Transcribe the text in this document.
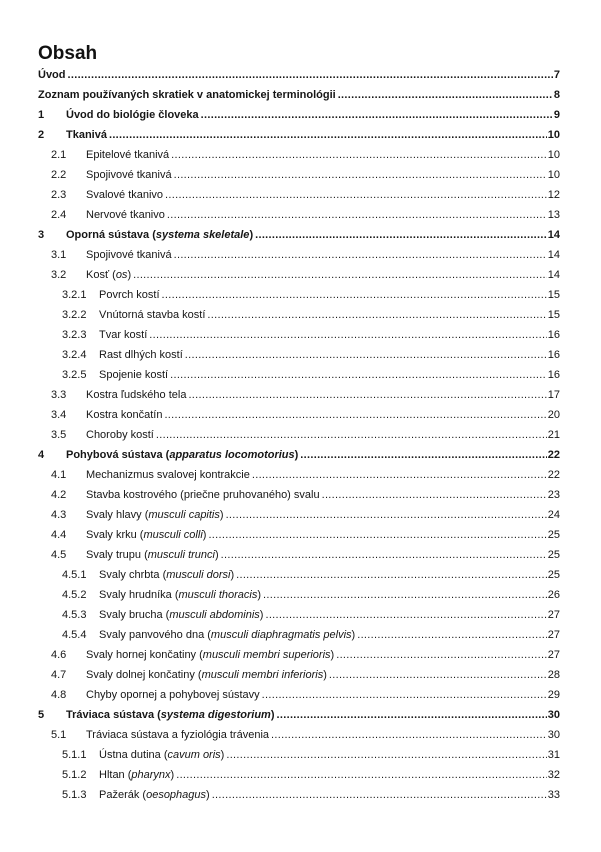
Obsah
Úvod .....	7
Zoznam používaných skratiek v anatomickej terminológii .....	8
1	Úvod do biológie človeka .....	9
2	Tkanivá .....	10
2.1	Epitelové tkanivá .....	10
2.2	Spojivové tkanivá .....	10
2.3	Svalové tkanivo .....	12
2.4	Nervové tkanivo .....	13
3	Oporná sústava (systema skeletale) .....	14
3.1	Spojivové tkanivá .....	14
3.2	Kosť (os) .....	14
3.2.1	Povrch kostí .....	15
3.2.2	Vnútorná stavba kostí .....	15
3.2.3	Tvar kostí .....	16
3.2.4	Rast dlhých kostí .....	16
3.2.5	Spojenie kostí .....	16
3.3	Kostra ľudského tela .....	17
3.4	Kostra končatín .....	20
3.5	Choroby kostí .....	21
4	Pohybová sústava (apparatus locomotorius) .....	22
4.1	Mechanizmus svalovej kontrakcie .....	22
4.2	Stavba kostrového (priečne pruhovaného) svalu .....	23
4.3	Svaly hlavy (musculi capitis) .....	24
4.4	Svaly krku (musculi colli) .....	25
4.5	Svaly trupu (musculi trunci) .....	25
4.5.1	Svaly chrbta (musculi dorsi) .....	25
4.5.2	Svaly hrudníka (musculi thoracis) .....	26
4.5.3	Svaly brucha (musculi abdominis) .....	27
4.5.4	Svaly panvového dna (musculi diaphragmatis pelvis) .....	27
4.6	Svaly hornej končatiny (musculi membri superioris) .....	27
4.7	Svaly dolnej končatiny (musculi membri inferioris) .....	28
4.8	Chyby opornej a pohybovej sústavy .....	29
5	Tráviaca sústava (systema digestorium) .....	30
5.1	Tráviaca sústava a fyziológia trávenia .....	30
5.1.1	Ústna dutina (cavum oris) .....	31
5.1.2	Hltan (pharynx) .....	32
5.1.3	Pažerák (oesophagus) .....	33
